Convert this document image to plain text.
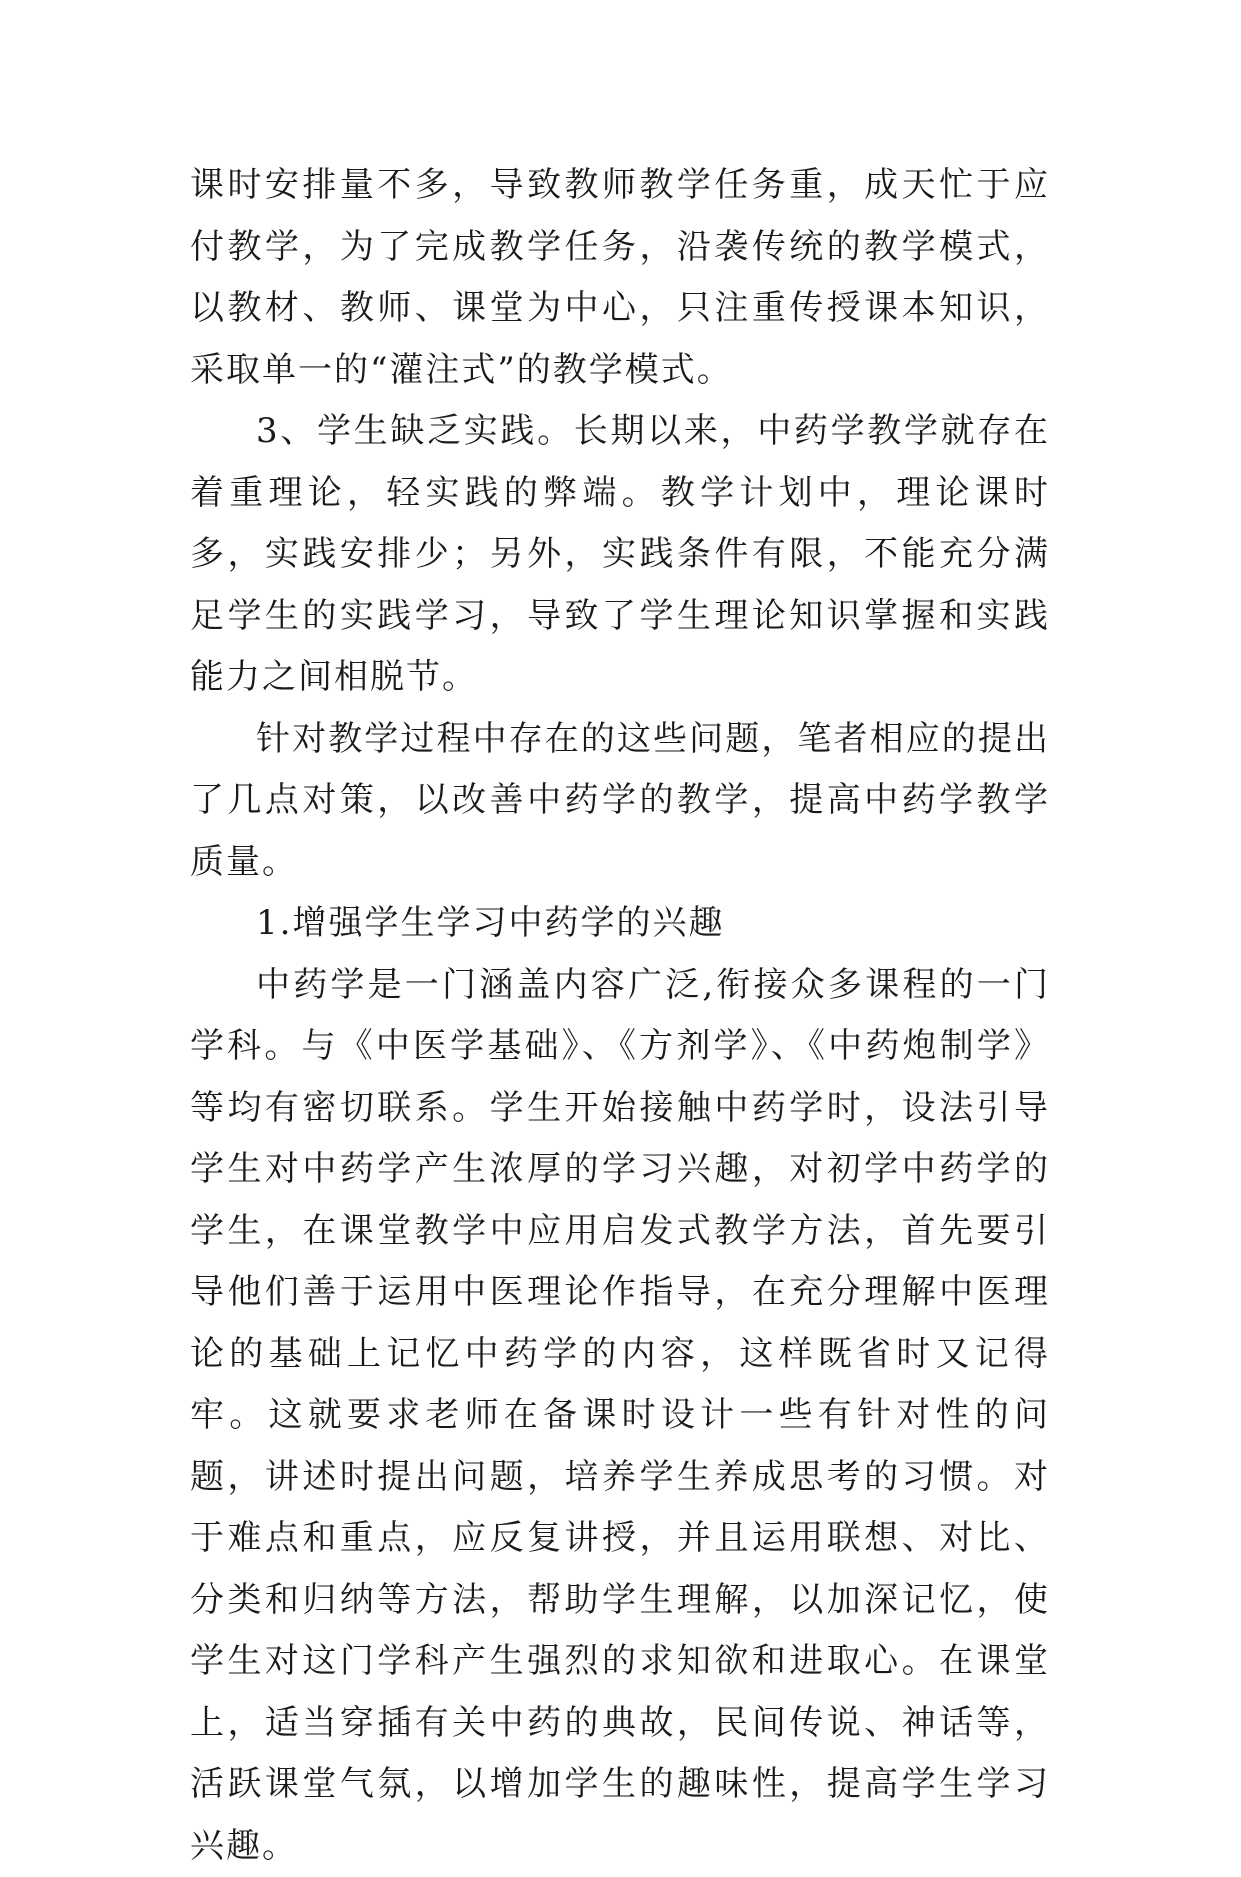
课时安排量不多，导致教师教学任务重，成天忙于应付教学，为了完成教学任务，沿袭传统的教学模式，以教材、教师、课堂为中心，只注重传授课本知识，采取单一的“灌注式”的教学模式。

3、学生缺乏实践。长期以来，中药学教学就存在着重理论，轻实践的弊端。教学计划中，理论课时多，实践安排少；另外，实践条件有限，不能充分满足学生的实践学习，导致了学生理论知识掌握和实践能力之间相脱节。

针对教学过程中存在的这些问题，笔者相应的提出了几点对策，以改善中药学的教学，提高中药学教学质量。

1.增强学生学习中药学的兴趣

中药学是一门涵盖内容广泛,衔接众多课程的一门学科。与《中医学基础》、《方剂学》、《中药炮制学》等均有密切联系。学生开始接触中药学时，设法引导学生对中药学产生浓厚的学习兴趣，对初学中药学的学生，在课堂教学中应用启发式教学方法，首先要引导他们善于运用中医理论作指导，在充分理解中医理论的基础上记忆中药学的内容，这样既省时又记得牢。这就要求老师在备课时设计一些有针对性的问题，讲述时提出问题，培养学生养成思考的习惯。对于难点和重点，应反复讲授，并且运用联想、对比、分类和归纳等方法，帮助学生理解，以加深记忆，使学生对这门学科产生强烈的求知欲和进取心。在课堂上，适当穿插有关中药的典故，民间传说、神话等，活跃课堂气氛，以增加学生的趣味性，提高学生学习兴趣。
